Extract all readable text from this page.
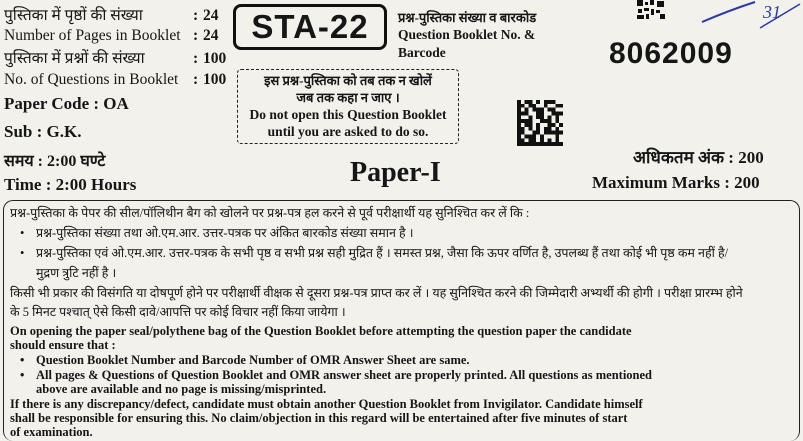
पुस्तिका में पृष्ठों की संख्या
Number of Pages in Booklet
पुस्तिका में प्रश्नों की संख्या
No. of Questions in Booklet
: 24
: 24
: 100
: 100
Paper Code : OA
Sub : G.K.
समय : 2:00 घण्टे
Time : 2:00 Hours
STA-22	प्रश्न-पुस्तिका संख्या व बारकोड
Question Booklet No. &
Barcode
31
8062009
इस प्रश्न-पुस्तिका को तब तक न खोलें
जब तक कहा न जाए ।
Do not open this Question Booklet
until you are asked to do so.
Paper-I	अधिकतम अंक : 200
Maximum Marks : 200
प्रश्न-पुस्तिका के पेपर की सील/पॉलिथीन बैग को खोलने पर प्रश्न-पत्र हल करने से पूर्व परीक्षार्थी यह सुनिश्चित कर लें कि :
• प्रश्न-पुस्तिका संख्या तथा ओ.एम.आर. उत्तर-पत्रक पर अंकित बारकोड संख्या समान है ।
• प्रश्न-पुस्तिका एवं ओ.एम.आर. उत्तर-पत्रक के सभी पृष्ठ व सभी प्रश्न सही मुद्रित हैं । समस्त प्रश्न, जैसा कि ऊपर वर्णित है, उपलब्ध हैं तथा कोई भी पृष्ठ कम नहीं है/
मुद्रण त्रुटि नहीं है ।
किसी भी प्रकार की विसंगति या दोषपूर्ण होने पर परीक्षार्थी वीक्षक से दूसरा प्रश्न-पत्र प्राप्त कर लें । यह सुनिश्चित करने की जिम्मेदारी अभ्यर्थी की होगी । परीक्षा प्रारम्भ होने
के 5 मिनट पश्चात् ऐसे किसी दावे/आपत्ति पर कोई विचार नहीं किया जायेगा ।
On opening the paper seal/polythene bag of the Question Booklet before attempting the question paper the candidate
should ensure that :
• Question Booklet Number and Barcode Number of OMR Answer Sheet are same.
• All pages & Questions of Question Booklet and OMR answer sheet are properly printed. All questions as mentioned
above are available and no page is missing/misprinted.
If there is any discrepancy/defect, candidate must obtain another Question Booklet from Invigilator. Candidate himself
shall be responsible for ensuring this. No claim/objection in this regard will be entertained after five minutes of start
of examination.
